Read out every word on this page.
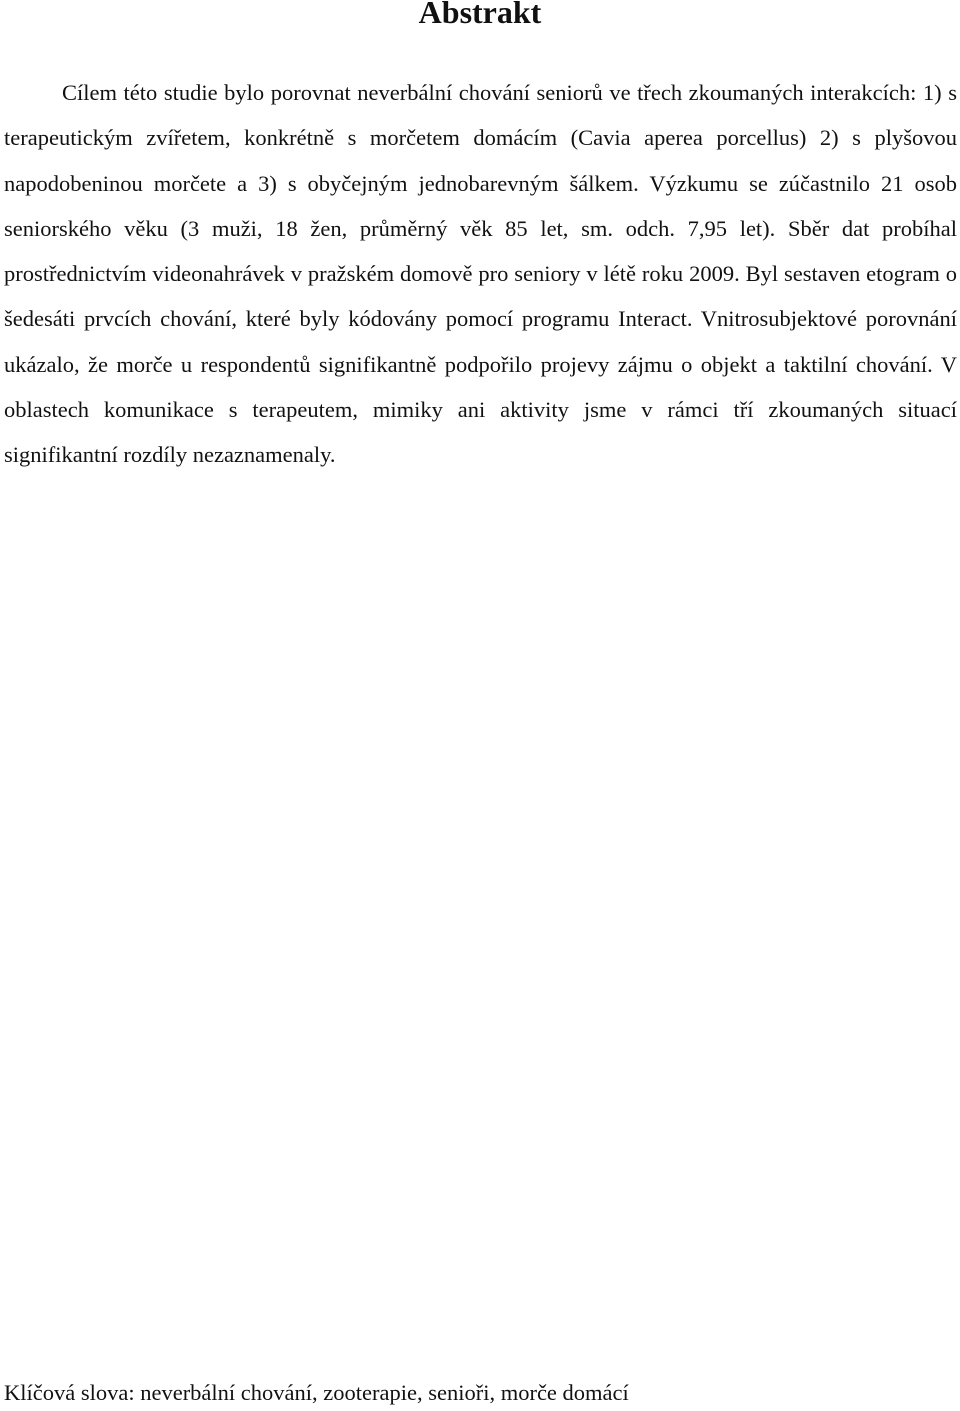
Abstrakt

Cílem této studie bylo porovnat neverbální chování seniorů ve třech zkoumaných interakcích: 1) s terapeutickým zvířetem, konkrétně s morčetem domácím (Cavia aperea porcellus) 2) s plyšovou napodobeninou morčete a 3) s obyčejným jednobarevným šálkem. Výzkumu se zúčastnilo 21 osob seniorského věku (3 muži, 18 žen, průměrný věk 85 let, sm. odch. 7,95 let). Sběr dat probíhal prostřednictvím videonahrávek v pražském domově pro seniory v létě roku 2009. Byl sestaven etogram o šedesáti prvcích chování, které byly kódovány pomocí programu Interact. Vnitrosubjektové porovnání ukázalo, že morče u respondentů signifikantně podpořilo projevy zájmu o objekt a taktilní chování. V oblastech komunikace s terapeutem, mimiky ani aktivity jsme v rámci tří zkoumaných situací signifikantní rozdíly nezaznamenaly.

Klíčová slova: neverbální chování, zooterapie, senioři, morče domácí
